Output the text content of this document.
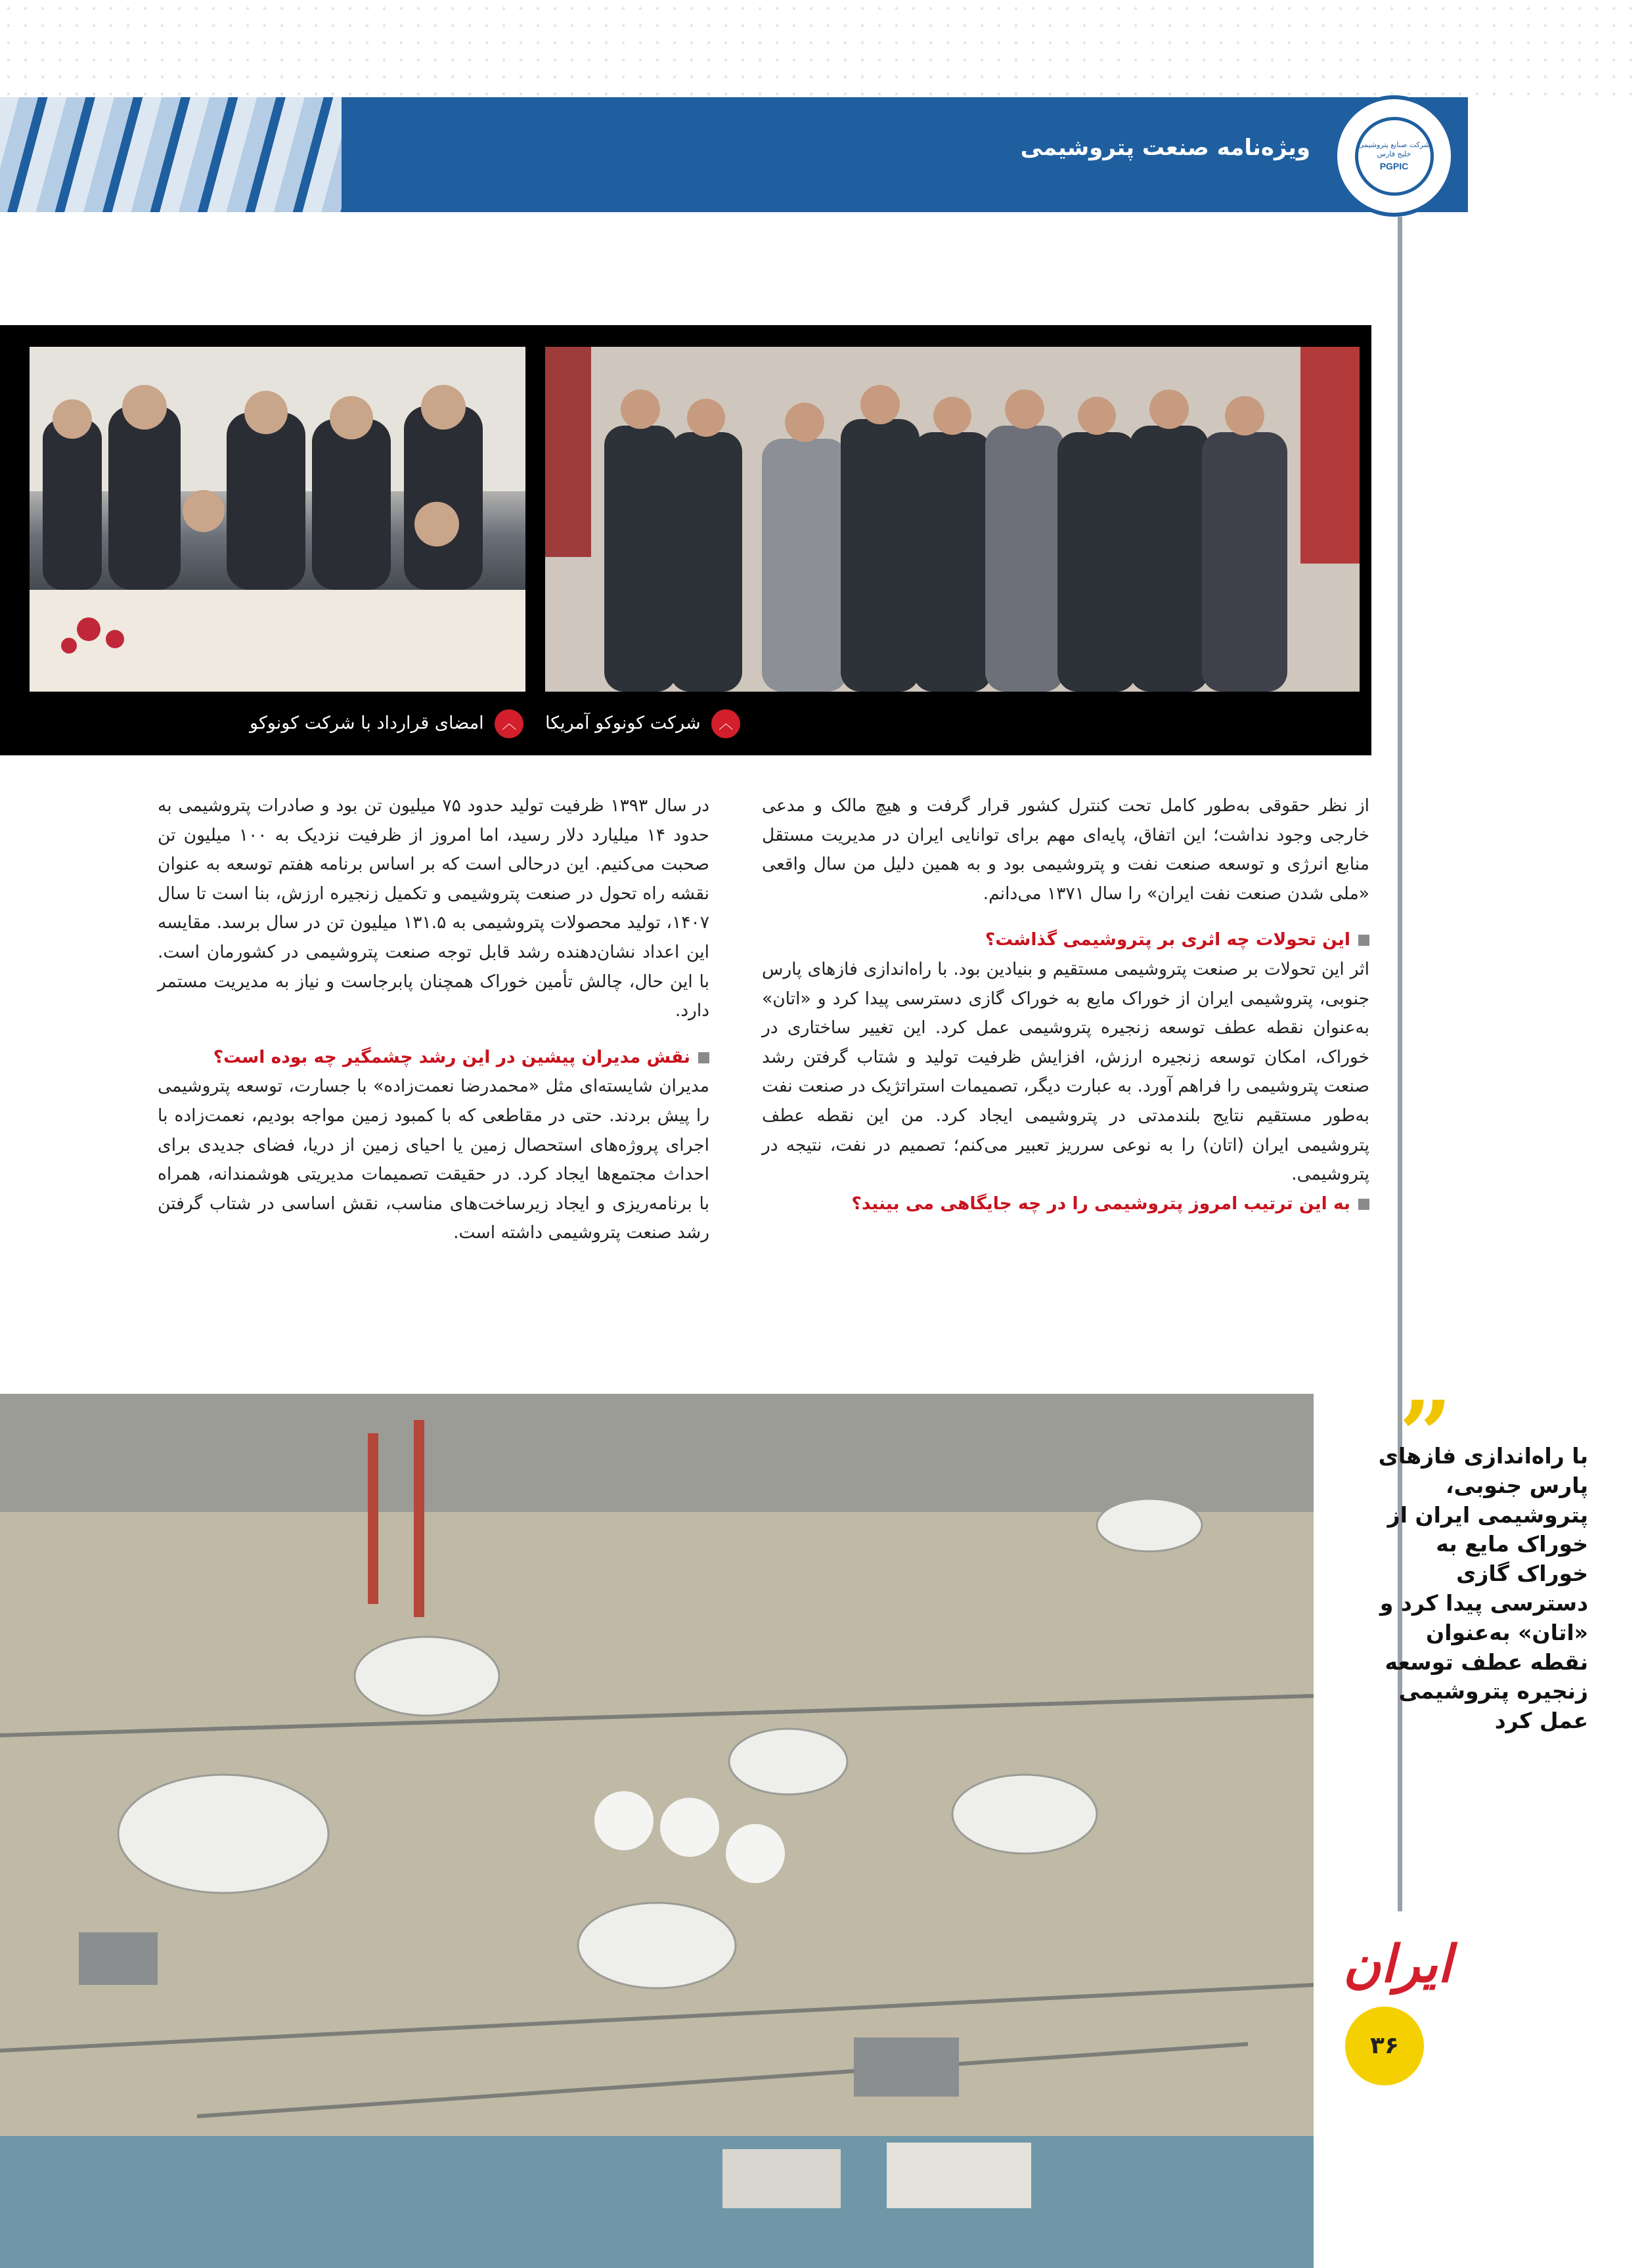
ویژه‌نامه صنعت پتروشیمی	شرکت صنایع پتروشیمی خلیج فارس
PGPIC
︿ امضای قرارداد با شرکت کونوکو	︿ شرکت کونوکو آمریکا

از نظر حقوقی به‌طور کامل تحت کنترل کشور قرار گرفت و هیچ مالک و مدعی خارجی وجود نداشت؛ این اتفاق، پایه‌ای مهم برای توانایی ایران در مدیریت مستقل منابع انرژی و توسعه صنعت نفت و پتروشیمی بود و به همین دلیل من سال واقعی «ملی شدن صنعت نفت ایران» را سال ۱۳۷۱ می‌دانم.

این تحولات چه اثری بر پتروشیمی گذاشت؟

اثر این تحولات بر صنعت پتروشیمی مستقیم و بنیادین بود. با راه‌اندازی فازهای پارس جنوبی، پتروشیمی ایران از خوراک مایع به خوراک گازی دسترسی پیدا کرد و «اتان» به‌عنوان نقطه عطف توسعه زنجیره پتروشیمی عمل کرد. این تغییر ساختاری در خوراک، امکان توسعه زنجیره ارزش، افزایش ظرفیت تولید و شتاب گرفتن رشد صنعت پتروشیمی را فراهم آورد. به عبارت دیگر، تصمیمات استراتژیک در صنعت نفت به‌طور مستقیم نتایج بلندمدتی در پتروشیمی ایجاد کرد. من این نقطه عطف پتروشیمی ایران (اتان) را به نوعی سرریز تعبیر می‌کنم؛ تصمیم در نفت، نتیجه در پتروشیمی.

به این ترتیب امروز پتروشیمی را در چه جایگاهی می بینید؟

در سال ۱۳۹۳ ظرفیت تولید حدود ۷۵ میلیون تن بود و صادرات پتروشیمی به حدود ۱۴ میلیارد دلار رسید، اما امروز از ظرفیت نزدیک به ۱۰۰ میلیون تن صحبت می‌کنیم. این درحالی است که بر اساس برنامه هفتم توسعه به عنوان نقشه راه تحول در صنعت پتروشیمی و تکمیل زنجیره ارزش، بنا است تا سال ۱۴۰۷، تولید محصولات پتروشیمی به ۱۳۱.۵ میلیون تن در سال برسد. مقایسه این اعداد نشان‌دهنده رشد قابل توجه صنعت پتروشیمی در کشورمان است. با این حال، چالش تأمین خوراک همچنان پابرجاست و نیاز به مدیریت مستمر دارد.

نقش مدیران پیشین در این رشد چشمگیر چه بوده است؟

مدیران شایسته‌ای مثل «محمدرضا نعمت‌زاده» با جسارت، توسعه پتروشیمی را پیش بردند. حتی در مقاطعی که با کمبود زمین مواجه بودیم، نعمت‌زاده با اجرای پروژه‌های استحصال زمین یا احیای زمین از دریا، فضای جدیدی برای احداث مجتمع‌ها ایجاد کرد. در حقیقت تصمیمات مدیریتی هوشمندانه، همراه با برنامه‌ریزی و ایجاد زیرساخت‌های مناسب، نقش اساسی در شتاب گرفتن رشد صنعت پتروشیمی داشته است.

”
با راه‌اندازی فازهای پارس جنوبی، پتروشیمی ایران از خوراک مایع به خوراک گازی دسترسی پیدا کرد و «اتان» به‌عنوان نقطه عطف توسعه زنجیره پتروشیمی عمل کرد
ایران
۳۶
